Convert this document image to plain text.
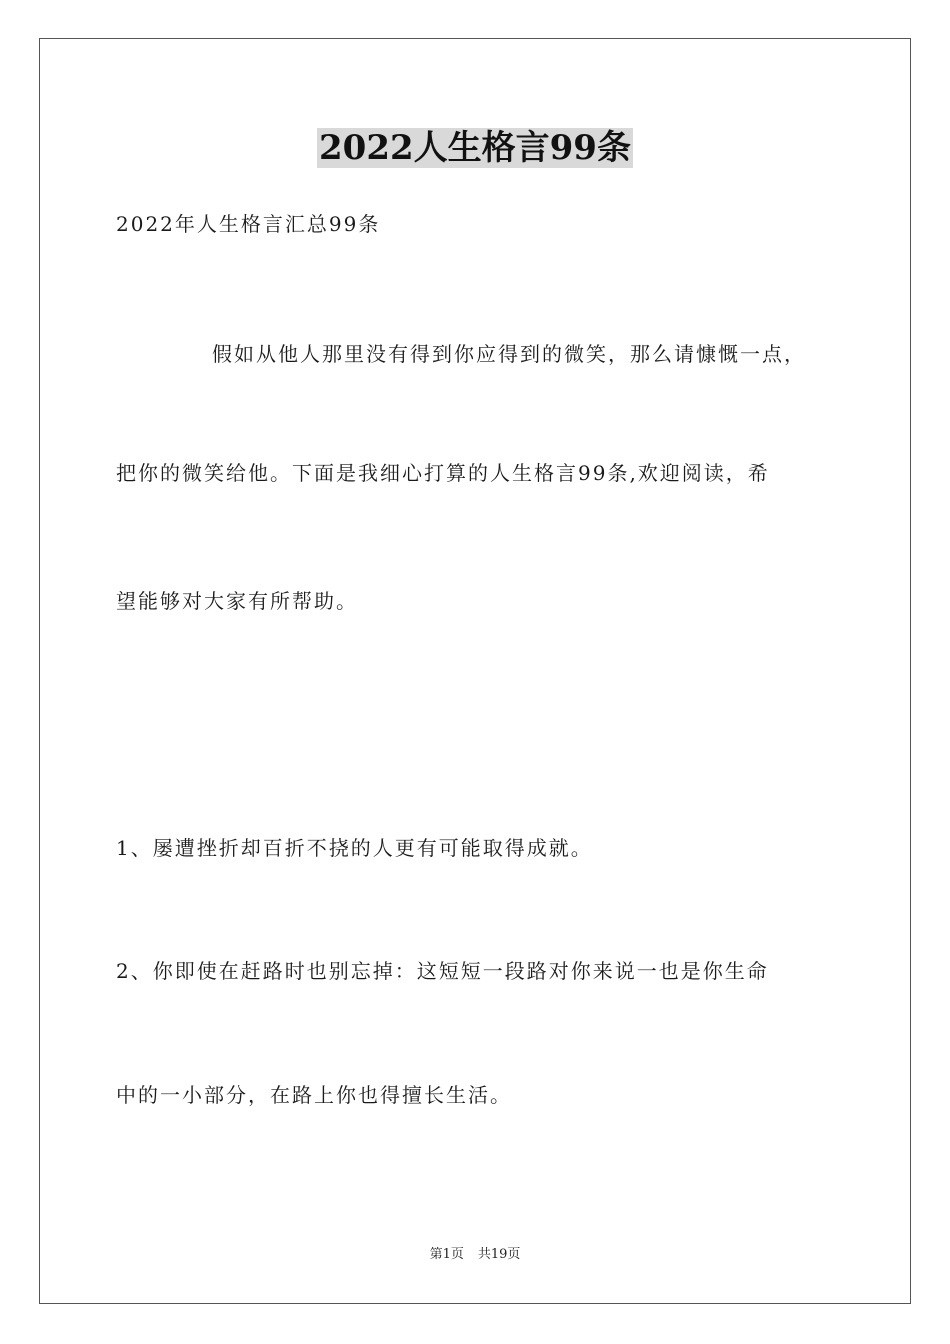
2022人生格言99条
2022年人生格言汇总99条
假如从他人那里没有得到你应得到的微笑，那么请慷慨一点，
把你的微笑给他。下面是我细心打算的人生格言99条,欢迎阅读，希
望能够对大家有所帮助。
1、屡遭挫折却百折不挠的人更有可能取得成就。
2、你即使在赶路时也别忘掉：这短短一段路对你来说一也是你生命
中的一小部分，在路上你也得擅长生活。
第1页 共19页
